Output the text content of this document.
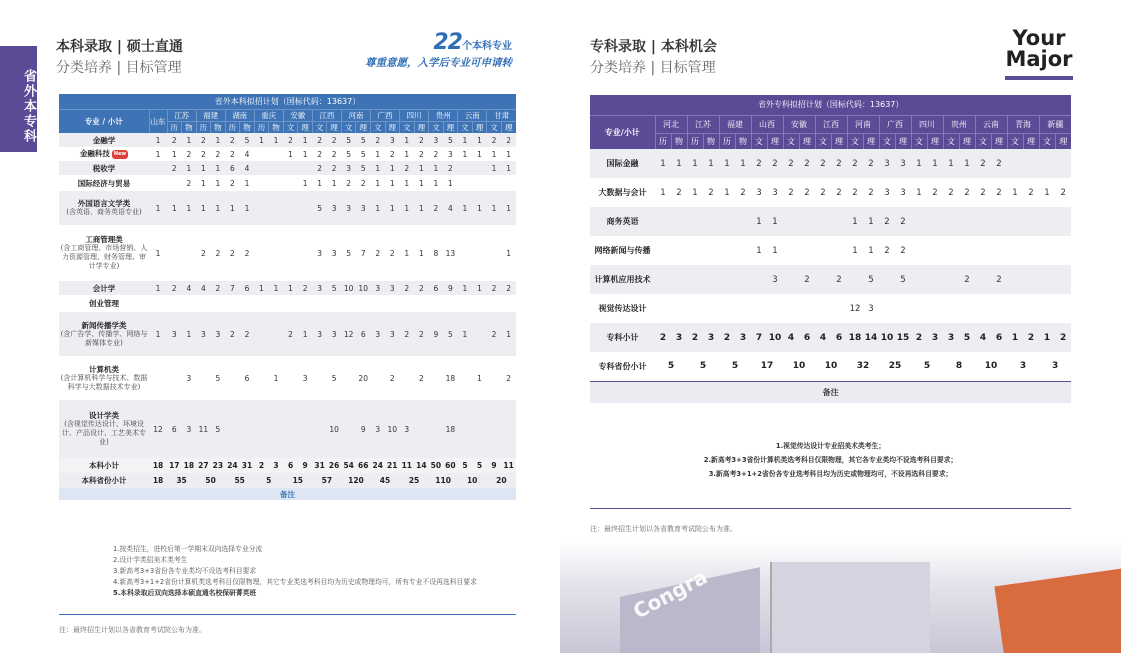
省外本专科
本科录取 | 硕士直通
分类培养 | 目标管理
22个本科专业
尊重意愿，入学后专业可申请转
省外本科拟招计划（国标代码：13637）																									
专业 / 小计	山东	江苏		福建		湖南		重庆		安徽		江西		河南		广西		四川		贵州		云南		甘肃	
		历	物	历	物	历	物	历	物	文	理	文	理	文	理	文	理	文	理	文	理	文	理	文	理
金融学	1	2	1	2	1	2	5	1	1	2	1	2	2	5	5	2	3	1	2	3	5	1	1	2	2
金融科技 New	1	1	2	2	2	2	4			1	1	2	2	5	5	1	2	1	2	2	3	1	1	1	1
税收学		2	1	1	1	6	4					2	2	3	5	1	1	2	1	1	2			1	1
国际经济与贸易			2	1	1	2	1				1	1	1	2	2	1	1	1	1	1	1				
外国语言文学类
(含英语、商务英语专业)	1	1	1	1	1	1	1					5	3	3	3	1	1	1	1	2	4	1	1	1	1
工商管理类
(含工商管理、市场营销、人力资源管理、财务管理、审计学专业)	1			2	2	2	2					3	3	5	7	2	2	1	1	8	13				1
会计学	1	2	4	4	2	7	6	1	1	1	2	3	5	10	10	3	3	2	2	6	9	1	1	2	2
创业管理																									
新闻传播学类
(含广告学、传播学、网络与新媒体专业)	1	3	1	3	3	2	2			2	1	3	3	12	6	3	3	2	2	9	5	1		2	1
计算机类
(含计算机科学与技术、数据科学与大数据技术专业)			3		5		6		1		3		5		20		2		2		18		1		2
设计学类
(含视觉传达设计、环境设计、产品设计、工艺美术专业)	12	6	3	11	5								10		9	3	10	3			18				
本科小计	18	17	18	27	23	24	31	2	3	6	9	31	26	54	66	24	21	11	14	50	60	5	5	9	11
本科省份小计	18	35		50		55		5		15		57		120		45		25		110		10		20	
备注																									
1.按类招生，进校后第一学期末双向选择专业分流
2.设计学类招美术类考生
3.新高考3+3省份各专业类均不设选考科目要求
4.新高考3+1+2省份计算机类选考科目仅限物理，其它专业类选考科目均为历史或物理均可，所有专业不设再选科目要求
5.本科录取后双向选择本硕直通名校保研菁英班
注：最终招生计划以各省教育考试院公布为准。
专科录取 | 本科机会
分类培养 | 目标管理
Your
Major
省外专科拟招计划（国标代码：13637）																										
专业/小计	河北		江苏		福建		山西		安徽		江西		河南		广西		四川		贵州		云南		青海		新疆	
	历	物	历	物	历	物	文	理	文	理	文	理	文	理	文	理	文	理	文	理	文	理	文	理	文	理
国际金融	1	1	1	1	1	1	2	2	2	2	2	2	2	2	3	3	1	1	1	1	2	2				
大数据与会计	1	2	1	2	1	2	3	3	2	2	2	2	2	2	3	3	1	2	2	2	2	2	1	2	1	2
商务英语							1	1					1	1	2	2										
网络新闻与传播							1	1					1	1	2	2										
计算机应用技术								3		2		2		5		5				2		2				
视觉传达设计													12	3												
专科小计	2	3	2	3	2	3	7	10	4	6	4	6	18	14	10	15	2	3	3	5	4	6	1	2	1	2
专科省份小计	5		5		5		17		10		10		32		25		5		8		10		3		3	
备注																										
1.视觉传达设计专业招美术类考生；
2.新高考3+3省份计算机类选考科目仅限物理，其它各专业类均不设选考科目要求；
3.新高考3+1+2省份各专业选考科目均为历史或物理均可，不设再选科目要求；
注：最终招生计划以各省教育考试院公布为准。
Congra
